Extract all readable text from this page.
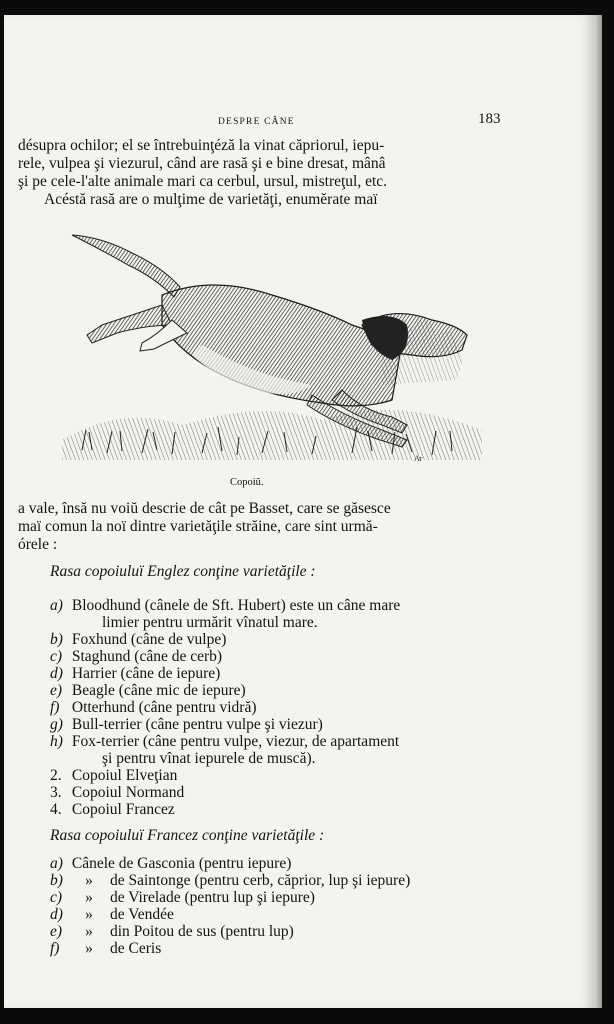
DESPRE CÂNE	183

désupra ochilor; el se întrebuinţéză la vinat căpriorul, iepu-
rele, vulpea şi viezurul, când are rasă şi e bine dresat, mânâ
şi pe cele-l'alte animale mari ca cerbul, ursul, mistreţul, etc.
Acéstă rasă are o mulţime de varietăţi, enumĕrate maï

Ar
Copoiŭ.

a vale, însă nu voiŭ descrie de cât pe Basset, care se găsesce
maï comun la noï dintre varietăţile străine, care sint urmă-
órele :

Rasa copoiuluï Englez conţine varietăţile :
a) Bloodhund (cânele de Sft. Hubert) este un câne mare
limier pentru urmărit vînatul mare.
b) Foxhund (câne de vulpe)
c) Staghund (câne de cerb)
d) Harrier (câne de iepure)
e) Beagle (câne mic de iepure)
f) Otterhund (câne pentru vidră)
g) Bull-terrier (câne pentru vulpe şi viezur)
h) Fox-terrier (câne pentru vulpe, viezur, de apartament
şi pentru vînat iepurele de muscă).
2. Copoiul Elveţian
3. Copoiul Normand
4. Copoiul Francez
Rasa copoiuluï Francez conţine varietăţile :
a) Cânele de Gasconia (pentru iepure)
b) » de Saintonge (pentru cerb, căprior, lup şi iepure)
c) » de Virelade (pentru lup şi iepure)
d) » de Vendée
e) » din Poitou de sus (pentru lup)
f) » de Ceris
